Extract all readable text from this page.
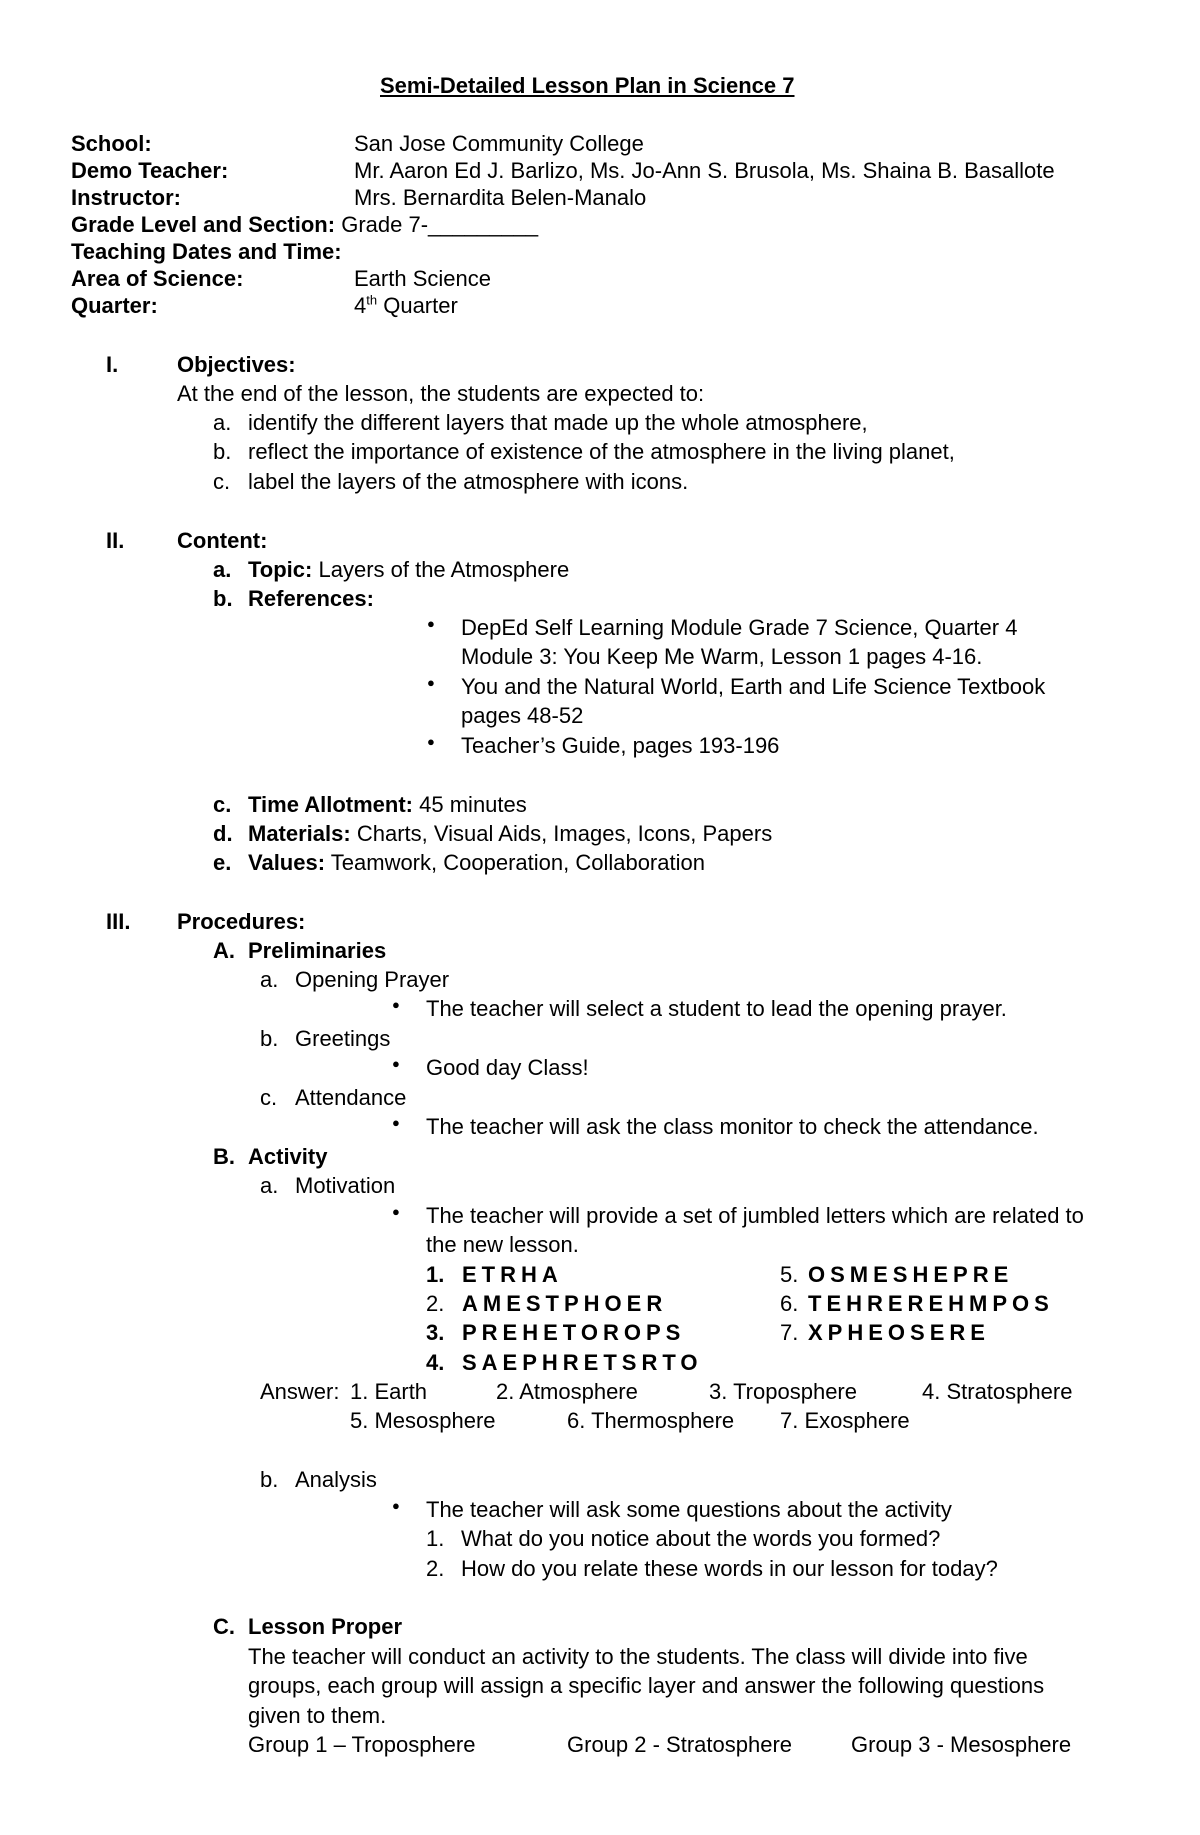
Semi-Detailed Lesson Plan in Science 7
School:	San Jose Community College
Demo Teacher:	Mr. Aaron Ed J. Barlizo, Ms. Jo-Ann S. Brusola, Ms. Shaina B. Basallote
Instructor:	Mrs. Bernardita Belen-Manalo
Grade Level and Section: Grade 7-_________
Teaching Dates and Time:
Area of Science:	Earth Science
Quarter:	4th Quarter
I.	Objectives:
At the end of the lesson, the students are expected to:
a. identify the different layers that made up the whole atmosphere,
b. reflect the importance of existence of the atmosphere in the living planet,
c. label the layers of the atmosphere with icons.
II. Content:
a. Topic: Layers of the Atmosphere
b. References:
● DepEd Self Learning Module Grade 7 Science, Quarter 4
Module 3: You Keep Me Warm, Lesson 1 pages 4-16.
● You and the Natural World, Earth and Life Science Textbook
pages 48-52
● Teacher’s Guide, pages 193-196
c. Time Allotment: 45 minutes
d. Materials: Charts, Visual Aids, Images, Icons, Papers
e. Values: Teamwork, Cooperation, Collaboration
III. Procedures:
A. Preliminaries
a. Opening Prayer
● The teacher will select a student to lead the opening prayer.
b. Greetings
● Good day Class!
c. Attendance
● The teacher will ask the class monitor to check the attendance.
B. Activity
a. Motivation
● The teacher will provide a set of jumbled letters which are related to
the new lesson.
1. ETRHA
2. AMESTPHOER
3. PREHETOROPS
4. SAEPHRETSRTO
5. OSMESHEPRE
6. TEHREREHMPOS
7. XPHEOSERE
Answer: 1. Earth	2. Atmosphere	3. Troposphere	4. Stratosphere
5. Mesosphere	6. Thermosphere 7. Exosphere
b. Analysis
● The teacher will ask some questions about the activity
1. What do you notice about the words you formed?
2. How do you relate these words in our lesson for today?
C. Lesson Proper
The teacher will conduct an activity to the students. The class will divide into five
groups, each group will assign a specific layer and answer the following questions
given to them.
Group 1 – Troposphere	Group 2 - Stratosphere	Group 3 - Mesosphere
